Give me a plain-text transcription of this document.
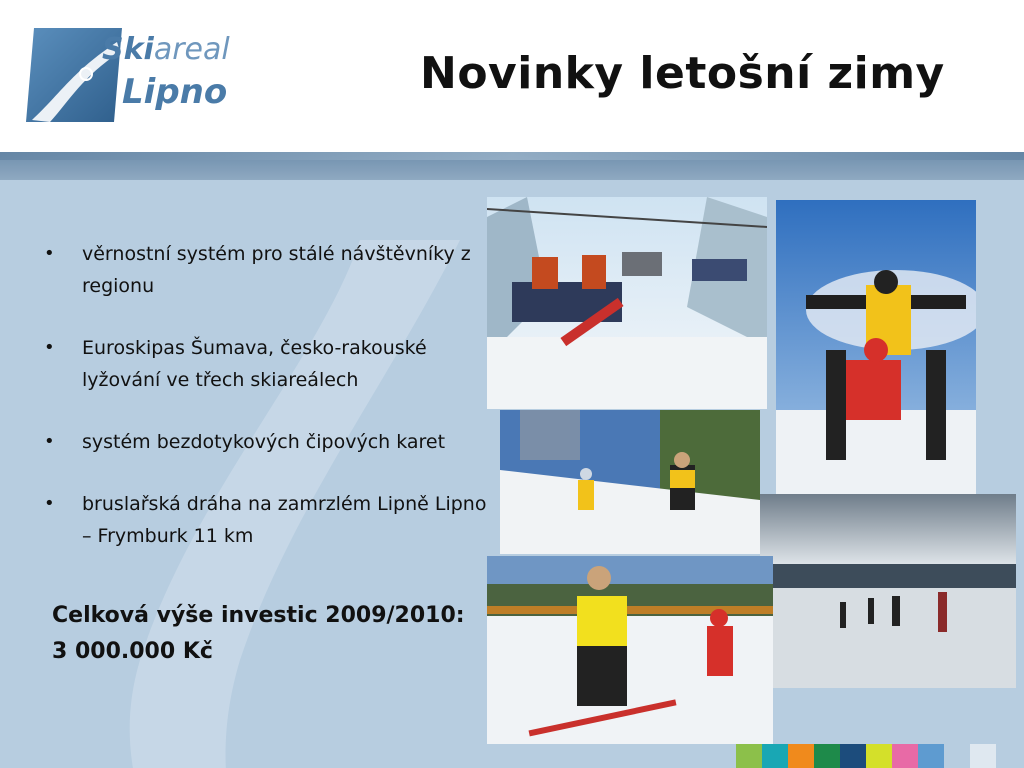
Skiareal
Lipno	Novinky letošní zimy
• věrnostní systém pro stálé návštěvníky z regionu
• Euroskipas Šumava, česko-rakouské lyžování ve třech skiareálech
• systém bezdotykových čipových karet
• bruslařská dráha na zamrzlém Lipně Lipno – Frymburk 11 km
Celková výše investic 2009/2010:
3 000.000 Kč
